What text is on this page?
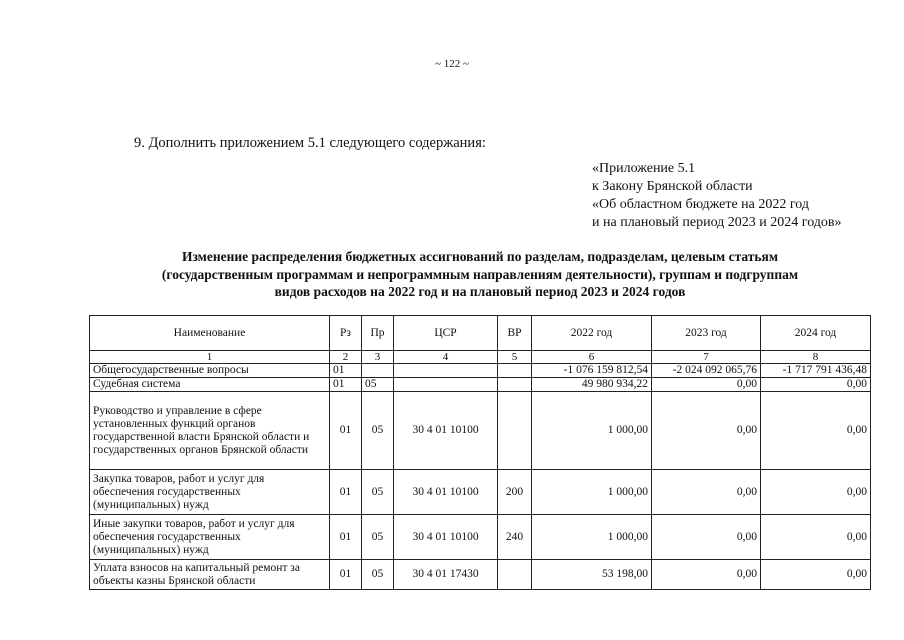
~ 122 ~
9. Дополнить приложением 5.1 следующего содержания:
«Приложение 5.1
к Закону Брянской области
«Об областном бюджете на 2022 год
и на плановый период 2023 и 2024 годов»
Изменение распределения бюджетных ассигнований по разделам, подразделам, целевым статьям
(государственным программам и непрограммным направлениям деятельности), группам и подгруппам
видов расходов на 2022 год и на плановый период 2023 и 2024 годов
Наименование	Рз	Пр	ЦСР	ВР	2022 год	2023 год	2024 год
1	2	3	4	5	6	7	8
Общегосударственные вопросы	01				-1 076 159 812,54	-2 024 092 065,76	-1 717 791 436,48
Судебная система	01	05			49 980 934,22	0,00	0,00
Руководство и управление в сфере установленных функций органов государственной власти Брянской области и государственных органов Брянской области	01	05	30 4 01 10100		1 000,00	0,00	0,00
Закупка товаров, работ и услуг для обеспечения государственных (муниципальных) нужд	01	05	30 4 01 10100	200	1 000,00	0,00	0,00
Иные закупки товаров, работ и услуг для обеспечения государственных (муниципальных) нужд	01	05	30 4 01 10100	240	1 000,00	0,00	0,00
Уплата взносов на капитальный ремонт за объекты казны Брянской области	01	05	30 4 01 17430		53 198,00	0,00	0,00
